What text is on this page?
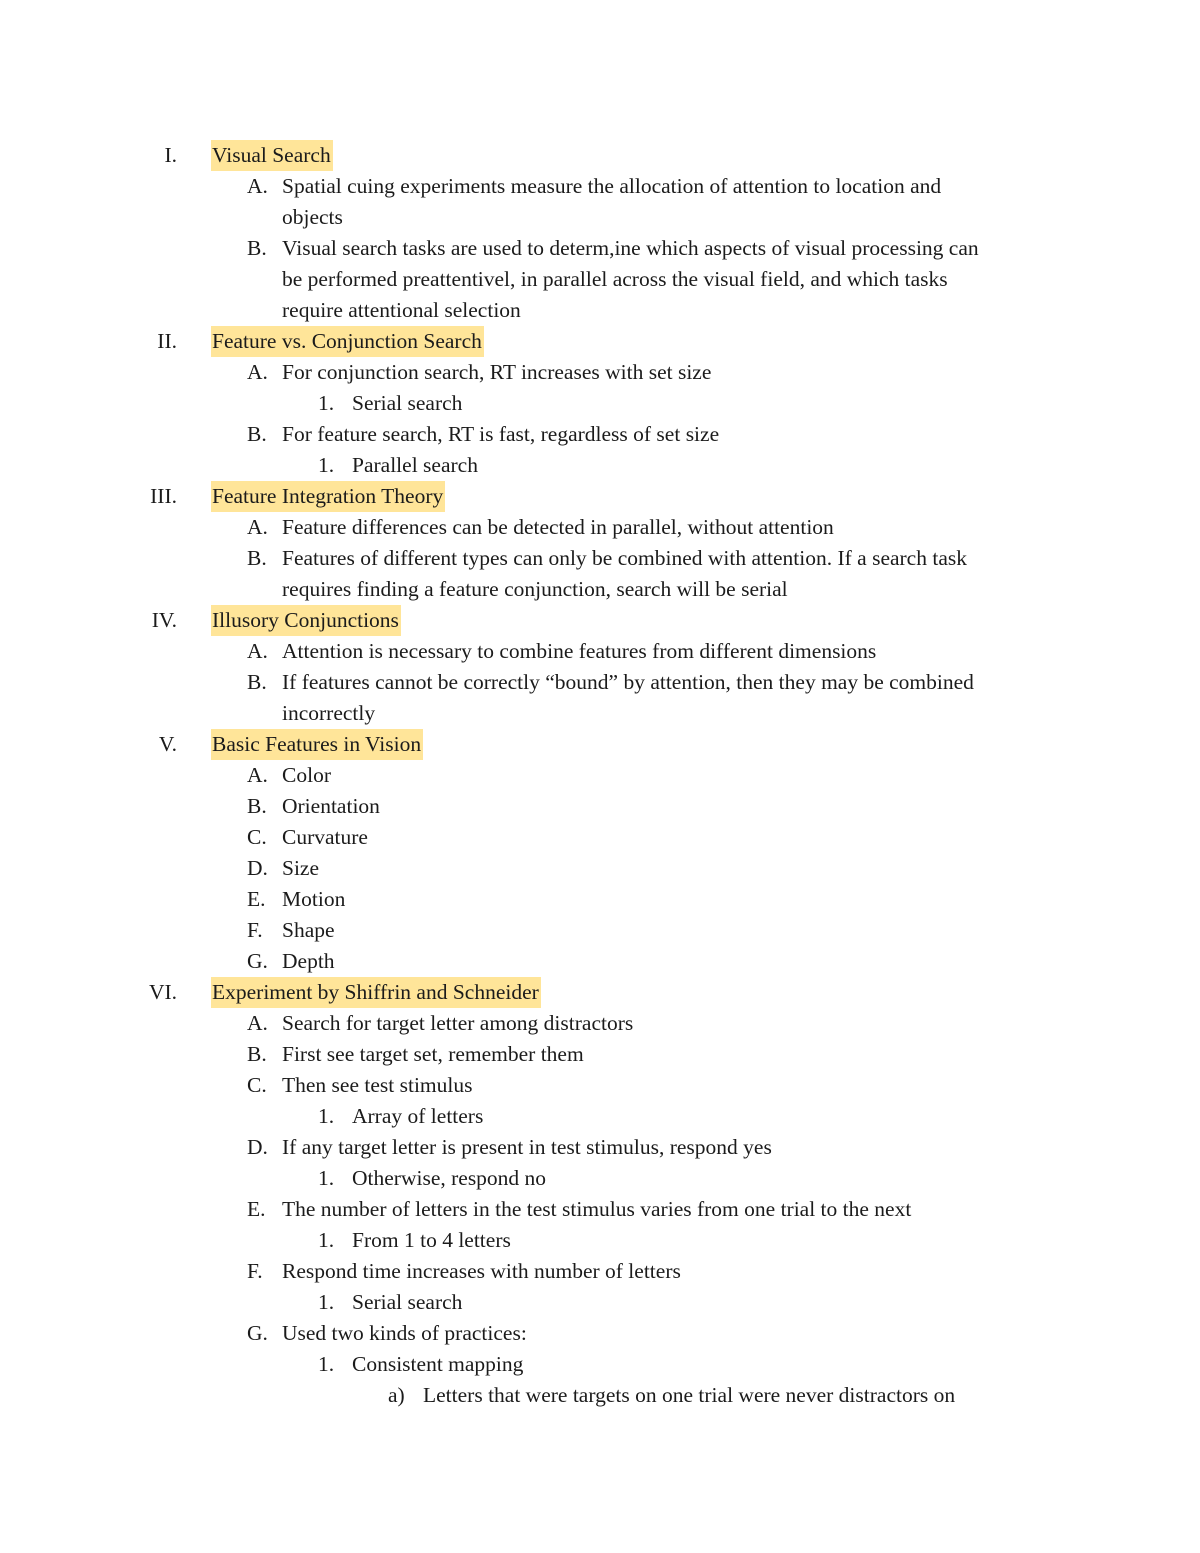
I. Visual Search
A. Spatial cuing experiments measure the allocation of attention to location and
objects
B. Visual search tasks are used to determ,ine which aspects of visual processing can
be performed preattentivel, in parallel across the visual field, and which tasks
require attentional selection
II. Feature vs. Conjunction Search
A. For conjunction search, RT increases with set size
1. Serial search
B. For feature search, RT is fast, regardless of set size
1. Parallel search
III. Feature Integration Theory
A. Feature differences can be detected in parallel, without attention
B. Features of different types can only be combined with attention. If a search task
requires finding a feature conjunction, search will be serial
IV. Illusory Conjunctions
A. Attention is necessary to combine features from different dimensions
B. If features cannot be correctly “bound” by attention, then they may be combined
incorrectly
V. Basic Features in Vision
A. Color
B. Orientation
C. Curvature
D. Size
E. Motion
F. Shape
G. Depth
VI. Experiment by Shiffrin and Schneider
A. Search for target letter among distractors
B. First see target set, remember them
C. Then see test stimulus
1. Array of letters
D. If any target letter is present in test stimulus, respond yes
1. Otherwise, respond no
E. The number of letters in the test stimulus varies from one trial to the next
1. From 1 to 4 letters
F. Respond time increases with number of letters
1. Serial search
G. Used two kinds of practices:
1. Consistent mapping
a) Letters that were targets on one trial were never distractors on
